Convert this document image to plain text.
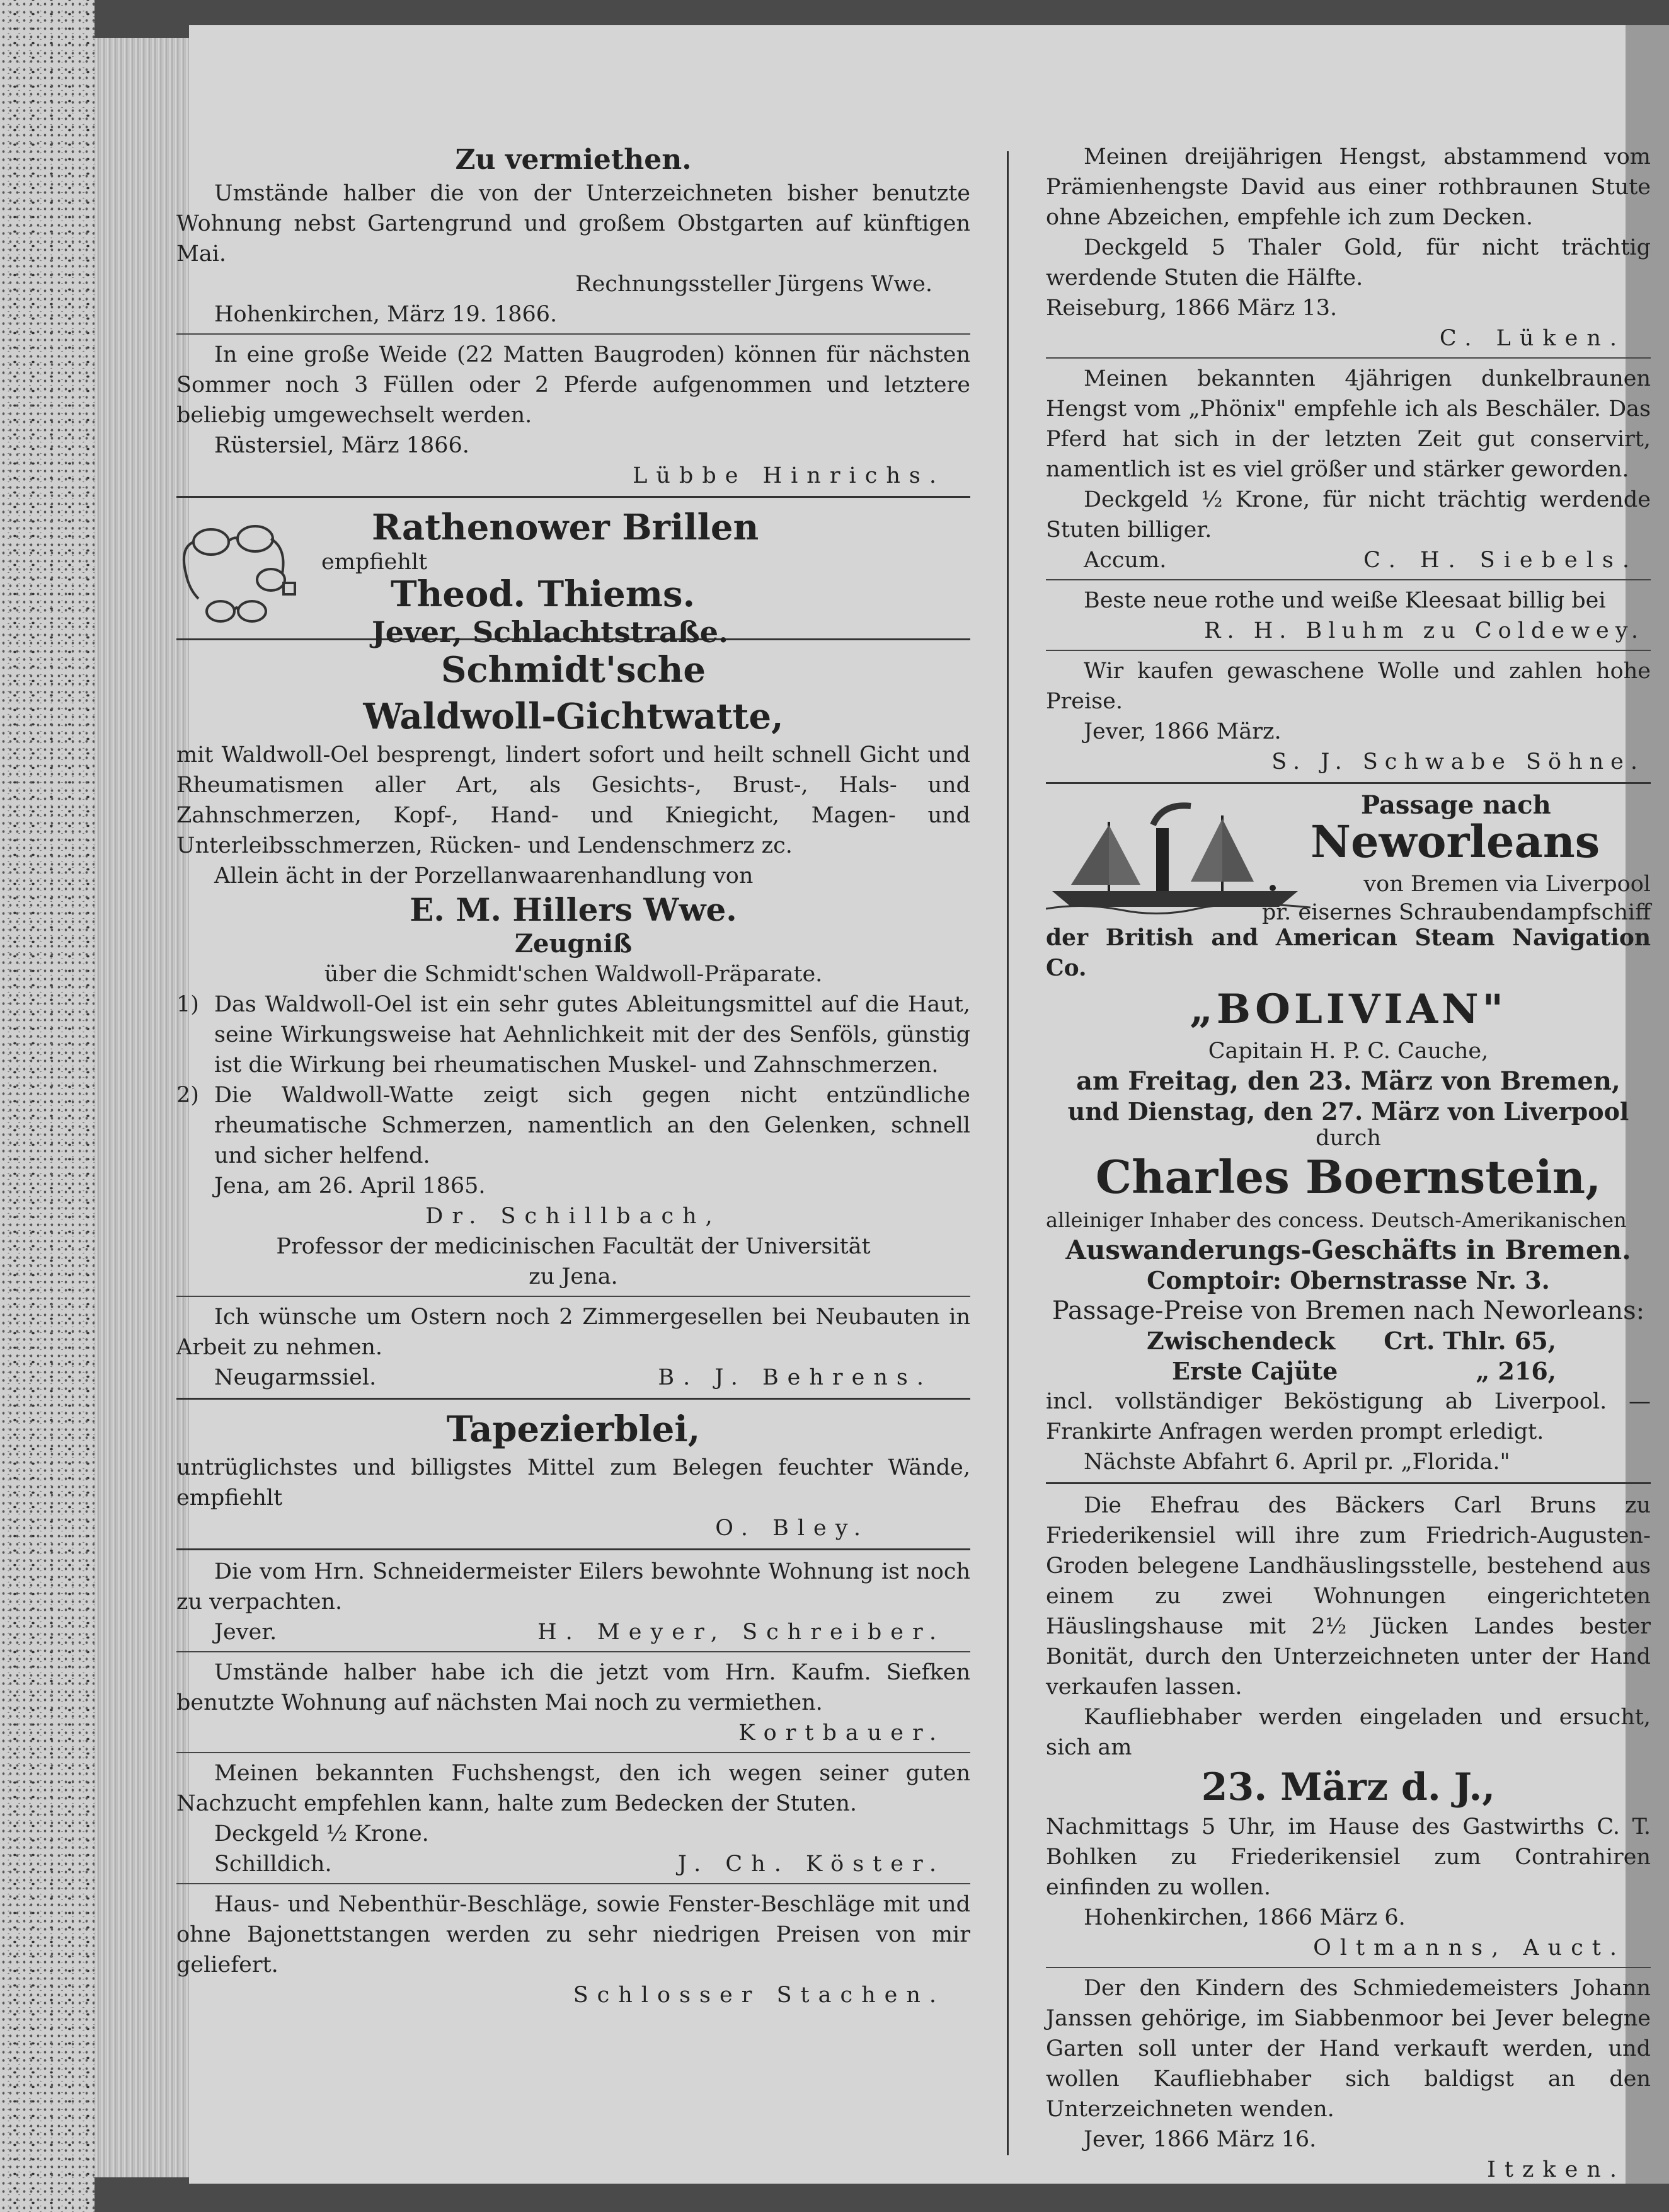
Zu vermiethen.

Umstände halber die von der Unterzeichneten bisher benutzte Wohnung nebst Gartengrund und großem Obstgarten auf künftigen Mai.

Rechnungssteller Jürgens Wwe.

Hohenkirchen, März 19. 1866.

In eine große Weide (22 Matten Baugroden) können für nächsten Sommer noch 3 Füllen oder 2 Pferde aufgenommen und letztere beliebig umgewechselt werden.

Rüstersiel, März 1866.

Lübbe Hinrichs.

Rathenower Brillen

empfiehlt

Theod. Thiems.

Jever, Schlachtstraße.

Schmidt'sche

Waldwoll-Gichtwatte,

mit Waldwoll-Oel besprengt, lindert sofort und heilt schnell Gicht und Rheumatismen aller Art, als Gesichts-, Brust-, Hals- und Zahnschmerzen, Kopf-, Hand- und Kniegicht, Magen- und Unterleibsschmerzen, Rücken- und Lendenschmerz zc.

Allein ächt in der Porzellanwaarenhandlung von

E. M. Hillers Wwe.

Zeugniß

über die Schmidt'schen Waldwoll-Präparate.

1) Das Waldwoll-Oel ist ein sehr gutes Ableitungsmittel auf die Haut, seine Wirkungsweise hat Aehnlichkeit mit der des Senföls, günstig ist die Wirkung bei rheumatischen Muskel- und Zahnschmerzen.

2) Die Waldwoll-Watte zeigt sich gegen nicht entzündliche rheumatische Schmerzen, namentlich an den Gelenken, schnell und sicher helfend.

Jena, am 26. April 1865.

Dr. Schillbach,

Professor der medicinischen Facultät der Universität

zu Jena.

Ich wünsche um Ostern noch 2 Zimmergesellen bei Neubauten in Arbeit zu nehmen.

Neugarmssiel.	B. J. Behrens.

Tapezierblei,

untrüglichstes und billigstes Mittel zum Belegen feuchter Wände, empfiehlt

O. Bley.

Die vom Hrn. Schneidermeister Eilers bewohnte Wohnung ist noch zu verpachten.

Jever.	H. Meyer, Schreiber.

Umstände halber habe ich die jetzt vom Hrn. Kaufm. Siefken benutzte Wohnung auf nächsten Mai noch zu vermiethen.

Kortbauer.

Meinen bekannten Fuchshengst, den ich wegen seiner guten Nachzucht empfehlen kann, halte zum Bedecken der Stuten.

Deckgeld ½ Krone.

Schilldich.	J. Ch. Köster.

Haus- und Nebenthür-Beschläge, sowie Fenster-Beschläge mit und ohne Bajonettstangen werden zu sehr niedrigen Preisen von mir geliefert.

Schlosser Stachen.

Meinen dreijährigen Hengst, abstammend vom Prämienhengste David aus einer rothbraunen Stute ohne Abzeichen, empfehle ich zum Decken.

Deckgeld 5 Thaler Gold, für nicht trächtig werdende Stuten die Hälfte.

Reiseburg, 1866 März 13.

C. Lüken.

Meinen bekannten 4jährigen dunkelbraunen Hengst vom „Phönix" empfehle ich als Beschäler. Das Pferd hat sich in der letzten Zeit gut conservirt, namentlich ist es viel größer und stärker geworden.

Deckgeld ½ Krone, für nicht trächtig werdende Stuten billiger.

Accum.	C. H. Siebels.

Beste neue rothe und weiße Kleesaat billig bei

R. H. Bluhm zu Coldewey.

Wir kaufen gewaschene Wolle und zahlen hohe Preise.

Jever, 1866 März.

S. J. Schwabe Söhne.

Passage nach

Neworleans

von Bremen via Liverpool

pr. eisernes Schraubendampfschiff

der British and American Steam Navigation Co.

„BOLIVIAN"

Capitain H. P. C. Cauche,

am Freitag, den 23. März von Bremen,

und Dienstag, den 27. März von Liverpool

durch

Charles Boernstein,

alleiniger Inhaber des concess. Deutsch-Amerikanischen

Auswanderungs-Geschäfts in Bremen.

Comptoir: Obernstrasse Nr. 3.

Passage-Preise von Bremen nach Neworleans:

Zwischendeck Crt. Thlr. 65,
Erste Cajüte	„ 216,

incl. vollständiger Beköstigung ab Liverpool. — Frankirte Anfragen werden prompt erledigt.

Nächste Abfahrt 6. April pr. „Florida."

Die Ehefrau des Bäckers Carl Bruns zu Friederikensiel will ihre zum Friedrich-Augusten-Groden belegene Landhäuslingsstelle, bestehend aus einem zu zwei Wohnungen eingerichteten Häuslingshause mit 2½ Jücken Landes bester Bonität, durch den Unterzeichneten unter der Hand verkaufen lassen.

Kaufliebhaber werden eingeladen und ersucht, sich am

23. März d. J.,

Nachmittags 5 Uhr, im Hause des Gastwirths C. T. Bohlken zu Friederikensiel zum Contrahiren einfinden zu wollen.

Hohenkirchen, 1866 März 6.

Oltmanns, Auct.

Der den Kindern des Schmiedemeisters Johann Janssen gehörige, im Siabbenmoor bei Jever belegne Garten soll unter der Hand verkauft werden, und wollen Kaufliebhaber sich baldigst an den Unterzeichneten wenden.

Jever, 1866 März 16.

Itzken.
